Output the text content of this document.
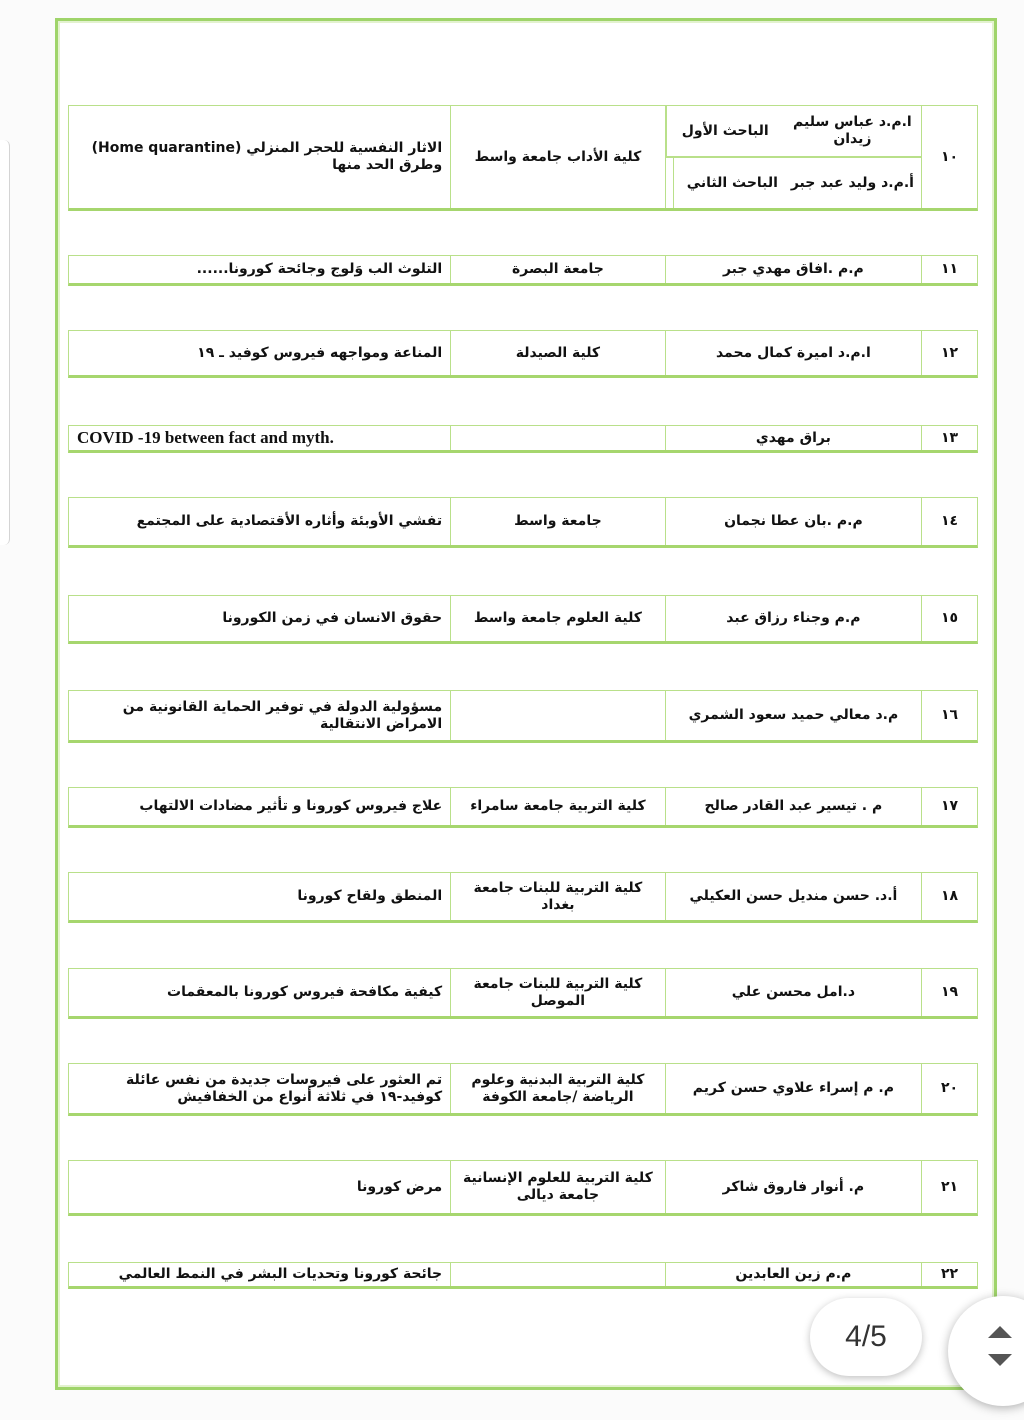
١٠
الباحث الأول
ا.م.د عباس سليم زيدان
الباحث الثاني أ.م.د وليد عبد جبر
كلية الأداب جامعة واسط
الاثار النفسية للحجر المنزلي (Home quarantine) وطرق الحد منها
١١
م.م .افاق مهدي جبر
جامعة البصرة
التلوث الب وَلوج وجائحة كورونا......
١٢
ا.م.د اميرة كمال محمد
كلية الصيدلة
المناعة ومواجهه فيروس كوفيد ـ ١٩
١٣
براق مهدي
COVID -19 between fact and myth.
١٤
م.م .بان عطا نجمان
جامعة واسط
تفشي الأوبئة وأثاره الأقتصادية على المجتمع
١٥
م.م وجناء رزاق عبد
كلية العلوم جامعة واسط
حقوق الانسان في زمن الكورونا
١٦
م.د معالي حميد سعود الشمري
مسؤولية الدولة في توفير الحماية القانونية من الامراض الانتقالية
١٧
م . تيسير عبد القادر صالح
كلية التربية جامعة سامراء
علاج فيروس كورونا و تأثير مضادات الالتهاب
١٨
أ.د. حسن منديل حسن العكيلي
كلية التربية للبنات جامعة بغداد
المنطق ولقاح كورونا
١٩
د.امل محسن علي
كلية التربية للبنات جامعة الموصل
كيفية مكافحة فيروس كورونا بالمعقمات
٢٠
م. م إسراء علاوي حسن كريم
كلية التربية البدنية وعلوم الرياضة /جامعة الكوفة
تم العثور على فيروسات جديدة من نفس عائلة كوفيد-١٩ في ثلاثة أنواع من الخفافيش
٢١
م. أنوار فاروق شاكر
كلية التربية للعلوم الإنسانية جامعة ديالى
مرض كورونا
٢٢
م.م زين العابدين
جائحة كورونا وتحديات البشر في النمط العالمي
4/5
